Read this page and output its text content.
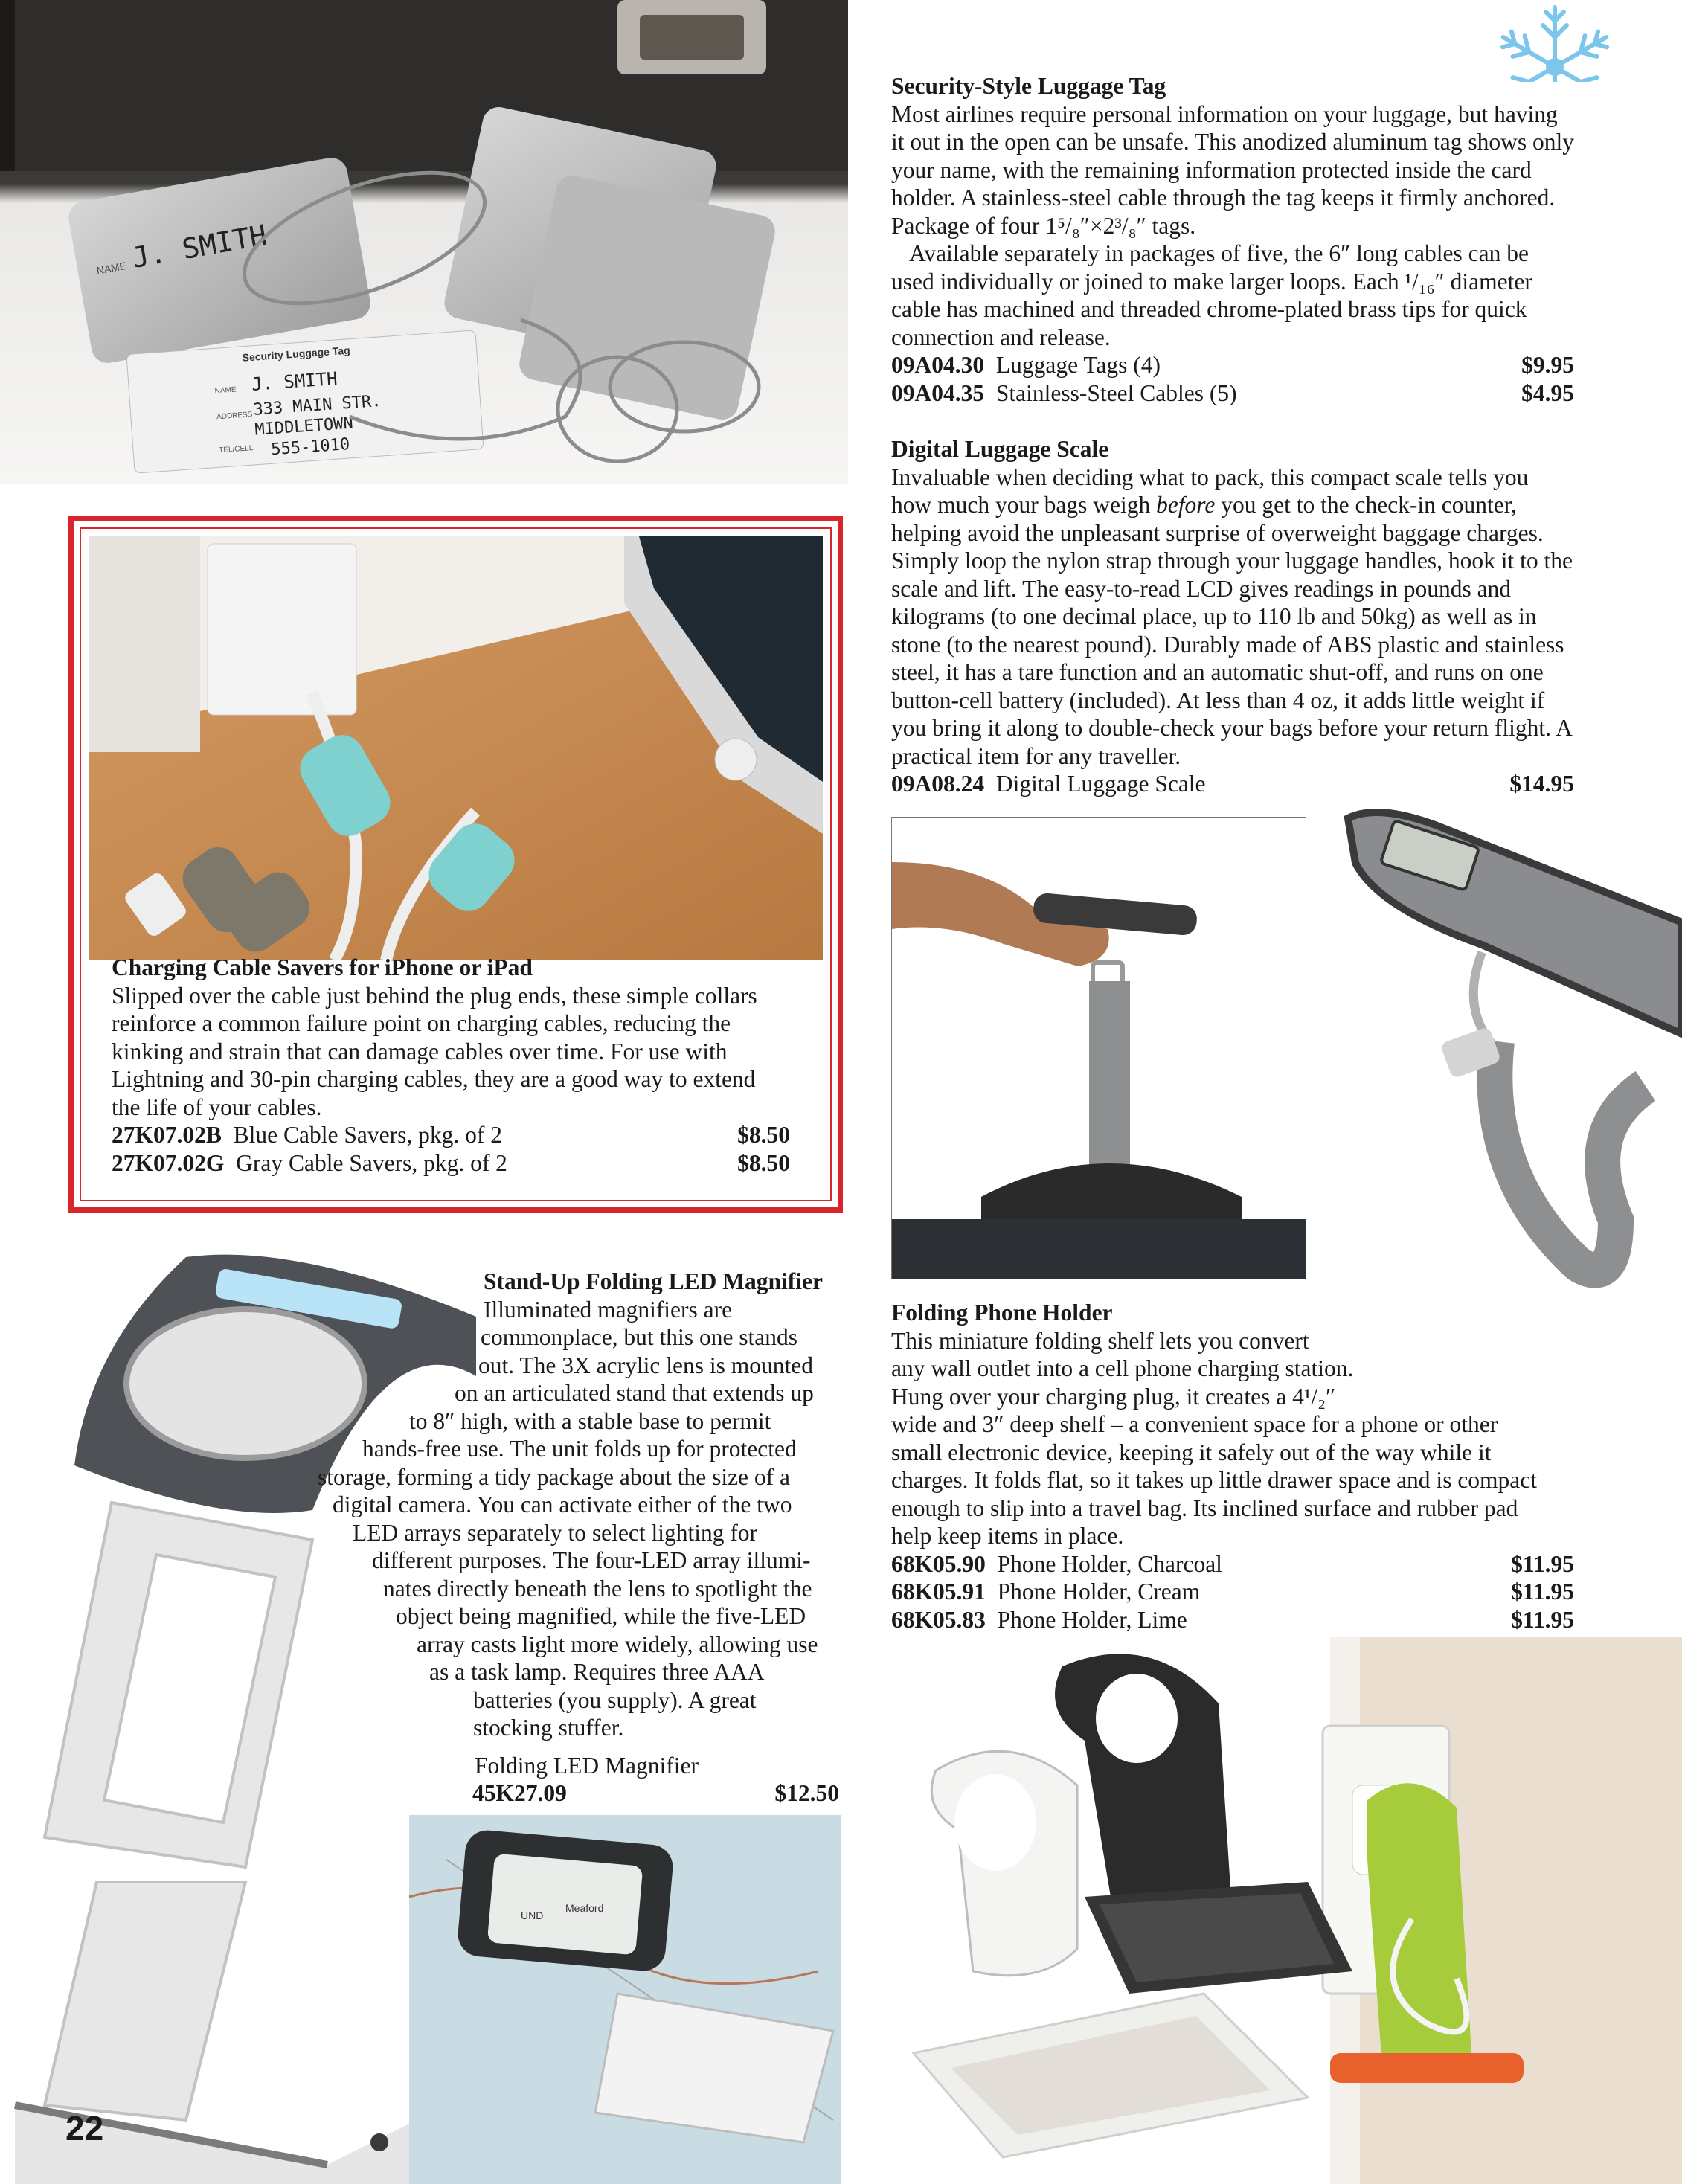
NAME J. SMITH
Security Luggage Tag
NAME
ADDRESS
TEL/CELL
J. SMITH
333 MAIN STR.
MIDDLETOWN
555-1010

Security-Style Luggage Tag

Most airlines require personal information on your luggage, but having it out in the open can be unsafe. This anodized aluminum tag shows only your name, with the remaining information protected inside the card holder. A stainless-steel cable through the tag keeps it firmly anchored. Package of four 1⁵/₈″×2³/₈″ tags.

Available separately in packages of five, the 6″ long cables can be used individually or joined to make larger loops. Each ¹/₁₆″ diameter cable has machined and threaded chrome-plated brass tips for quick connection and release.

09A04.30 Luggage Tags (4)	$9.95
09A04.35 Stainless-Steel Cables (5)	$4.95

Digital Luggage Scale

Invaluable when deciding what to pack, this compact scale tells you how much your bags weigh before you get to the check-in counter, helping avoid the unpleasant surprise of overweight baggage charges. Simply loop the nylon strap through your luggage handles, hook it to the scale and lift. The easy-to-read LCD gives readings in pounds and kilograms (to one decimal place, up to 110 lb and 50kg) as well as in stone (to the nearest pound). Durably made of ABS plastic and stainless steel, it has a tare function and an automatic shut-off, and runs on one button-cell battery (included). At less than 4 oz, it adds little weight if you bring it along to double-check your bags before your return flight. A practical item for any traveller.

09A08.24 Digital Luggage Scale	$14.95

Charging Cable Savers for iPhone or iPad

Slipped over the cable just behind the plug ends, these simple collars reinforce a common failure point on charging cables, reducing the kinking and strain that can damage cables over time. For use with Lightning and 30-pin charging cables, they are a good way to extend the life of your cables.

27K07.02B Blue Cable Savers, pkg. of 2	$8.50
27K07.02G Gray Cable Savers, pkg. of 2	$8.50
UND
Meaford

Stand-Up Folding LED Magnifier

Illuminated magnifiers are

commonplace, but this one stands

out. The 3X acrylic lens is mounted

on an articulated stand that extends up

to 8″ high, with a stable base to permit

hands-free use. The unit folds up for protected

storage, forming a tidy package about the size of a

digital camera. You can activate either of the two

LED arrays separately to select lighting for

different purposes. The four-LED array illumi-

nates directly beneath the lens to spotlight the

object being magnified, while the five-LED

array casts light more widely, allowing use

as a task lamp. Requires three AAA

batteries (you supply). A great

stocking stuffer.

Folding LED Magnifier

45K27.09	$12.50

Folding Phone Holder

This miniature folding shelf lets you convert

any wall outlet into a cell phone charging station.

Hung over your charging plug, it creates a 4¹/₂″

wide and 3″ deep shelf – a convenient space for a phone or other

small electronic device, keeping it safely out of the way while it

charges. It folds flat, so it takes up little drawer space and is compact

enough to slip into a travel bag. Its inclined surface and rubber pad

help keep items in place.

68K05.90 Phone Holder, Charcoal	$11.95
68K05.91 Phone Holder, Cream	$11.95
68K05.83 Phone Holder, Lime	$11.95
22
